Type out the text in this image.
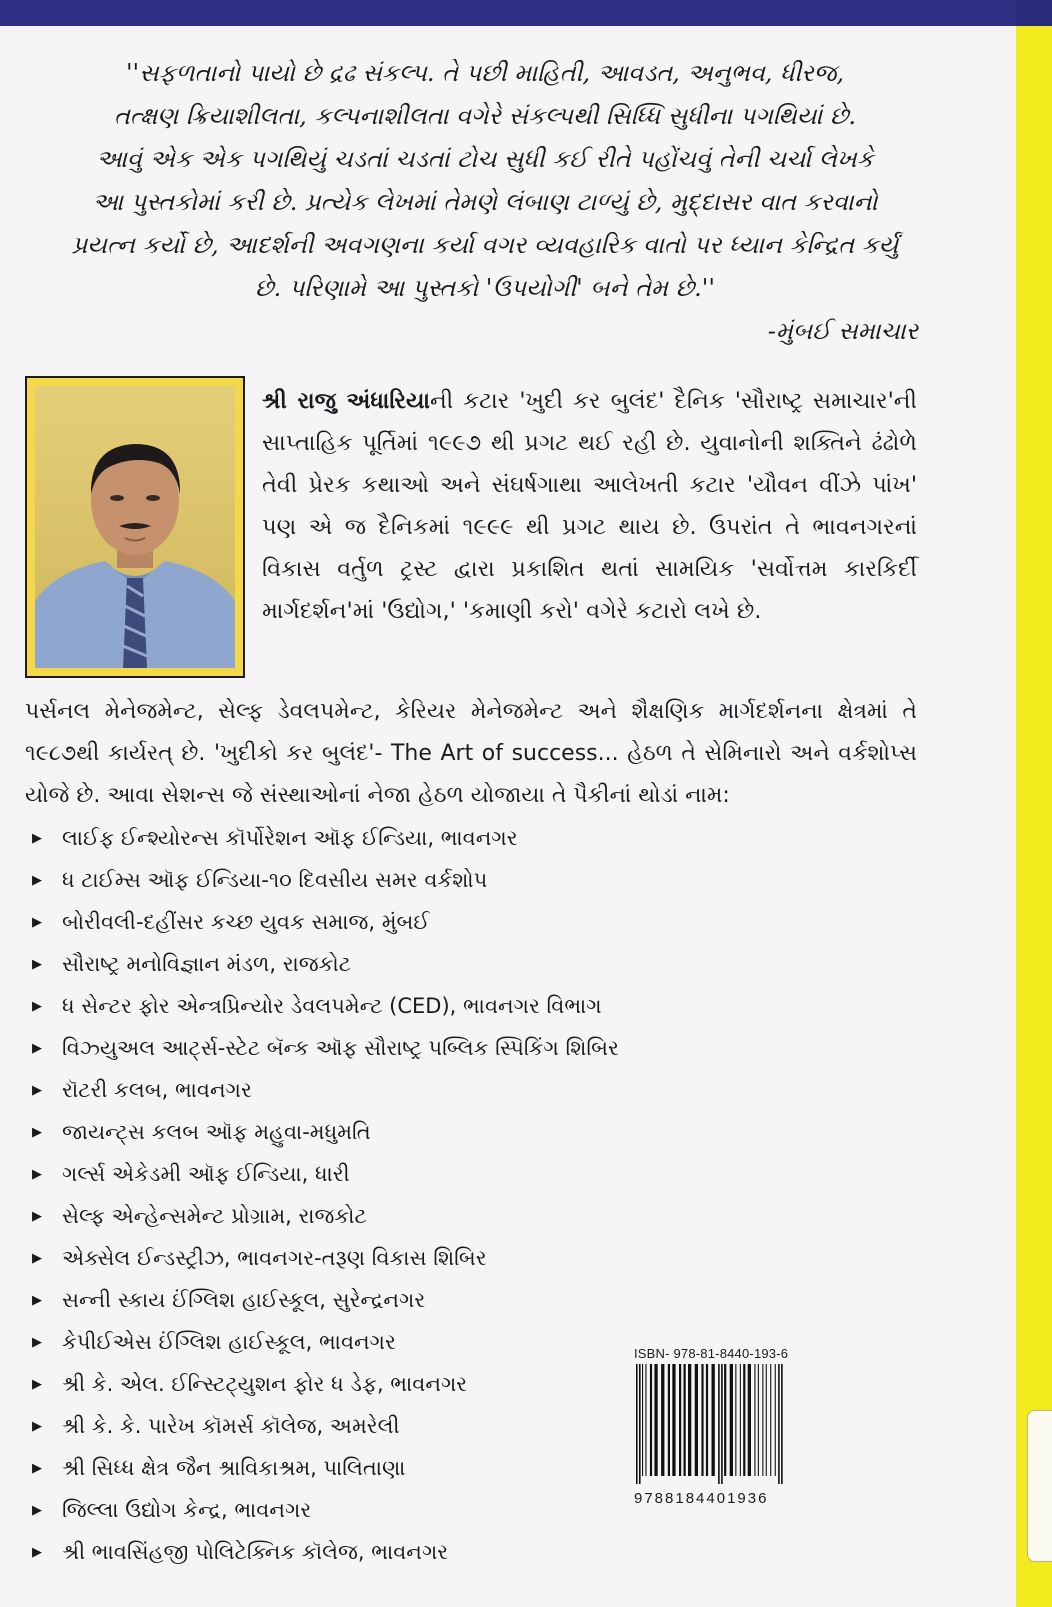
''સફળતાનો પાયો છે દ્રઢ સંકલ્પ. તે પછી માહિતી, આવડત, અનુભવ, ધીરજ,

તત્ક્ષણ ક્રિયાશીલતા, કલ્પનાશીલતા વગેરે સંકલ્પથી સિધ્ધિ સુધીના પગથિયાં છે.

આવું એક એક પગથિયું ચડતાં ચડતાં ટોચ સુધી કઈ રીતે પહોંચવું તેની ચર્ચા લેખકે

આ પુસ્તકોમાં કરી છે. પ્રત્યેક લેખમાં તેમણે લંબાણ ટાળ્યું છે, મુદ્દાસર વાત કરવાનો

પ્રયત્ન કર્યો છે, આદર્શની અવગણના કર્યા વગર વ્યવહારિક વાતો પર ધ્યાન કેન્દ્રિત કર્યું

છે. પરિણામે આ પુસ્તકો 'ઉપયોગી' બને તેમ છે.''

-મુંબઈ સમાચાર

શ્રી રાજુ અંધારિયાની કટાર 'ખુદી કર બુલંદ' દૈનિક 'સૌરાષ્ટ્ર સમાચાર'ની સાપ્તાહિક પૂર્તિમાં ૧૯૯૭ થી પ્રગટ થઈ રહી છે. યુવાનોની શક્તિને ઢંઢોળે તેવી પ્રેરક કથાઓ અને સંઘર્ષગાથા આલેખતી કટાર 'યૌવન વીંઝે પાંખ' પણ એ જ દૈનિકમાં ૧૯૯૯ થી પ્રગટ થાય છે. ઉપરાંત તે ભાવનગરનાં વિકાસ વર્તુળ ટ્રસ્ટ દ્વારા પ્રકાશિત થતાં સામયિક 'સર્વોત્તમ કારકિર્દી માર્ગદર્શન'માં 'ઉદ્યોગ,' 'કમાણી કરો' વગેરે કટારો લખે છે.

પર્સનલ મેનેજમેન્ટ, સેલ્ફ ડેવલપમેન્ટ, કેરિયર મેનેજમેન્ટ અને શૈક્ષણિક માર્ગદર્શનના ક્ષેત્રમાં તે ૧૯૮૭થી કાર્યરત્ છે. 'ખુદીકો કર બુલંદ'- The Art of success... હેઠળ તે સેમિનારો અને વર્કશોપ્સ યોજે છે. આવા સેશન્સ જે સંસ્થાઓનાં નેજા હેઠળ યોજાયા તે પૈકીનાં થોડાં નામ:

▶ લાઈફ ઈન્શ્યોરન્સ કૉર્પોરેશન ઑફ ઈન્ડિયા, ભાવનગર
▶ ધ ટાઈમ્સ ઑફ ઈન્ડિયા-૧૦ દિવસીય સમર વર્કશોપ
▶ બોરીવલી-દહીંસર કચ્છ યુવક સમાજ, મુંબઈ
▶ સૌરાષ્ટ્ર મનોવિજ્ઞાન મંડળ, રાજકોટ
▶ ધ સેન્ટર ફોર એન્ત્રપ્રિન્યોર ડેવલપમેન્ટ (CED), ભાવનગર વિભાગ
▶ વિઝ્યુઅલ આર્ટ્સ-સ્ટેટ બૅન્ક ઑફ સૌરાષ્ટ્ર પબ્લિક સ્પિકિંગ શિબિર
▶ રૉટરી કલબ, ભાવનગર
▶ જાયન્ટ્સ કલબ ઑફ મહુવા-મધુમતિ
▶ ગર્લ્સ એકેડમી ઑફ ઈન્ડિયા, ધારી
▶ સેલ્ફ એન્હેન્સમેન્ટ પ્રોગ્રામ, રાજકોટ
▶ એક્સેલ ઈન્ડસ્ટ્રીઝ, ભાવનગર-તરૂણ વિકાસ શિબિર
▶ સન્ની સ્કાય ઈંગ્લિશ હાઈસ્કૂલ, સુરેન્દ્રનગર
▶ કેપીઈએસ ઈંગ્લિશ હાઈસ્કૂલ, ભાવનગર
▶ શ્રી કે. એલ. ઈન્સ્ટિટ્યુશન ફોર ધ ડેફ, ભાવનગર
▶ શ્રી કે. કે. પારેખ કૉમર્સ કૉલેજ, અમરેલી
▶ શ્રી સિધ્ધ ક્ષેત્ર જૈન શ્રાવિકાશ્રમ, પાલિતાણા
▶ જિલ્લા ઉદ્યોગ કેન્દ્ર, ભાવનગર
▶ શ્રી ભાવસિંહજી પોલિટેક્નિક કૉલેજ, ભાવનગર
ISBN- 978-81-8440-193-6
9788184401936
